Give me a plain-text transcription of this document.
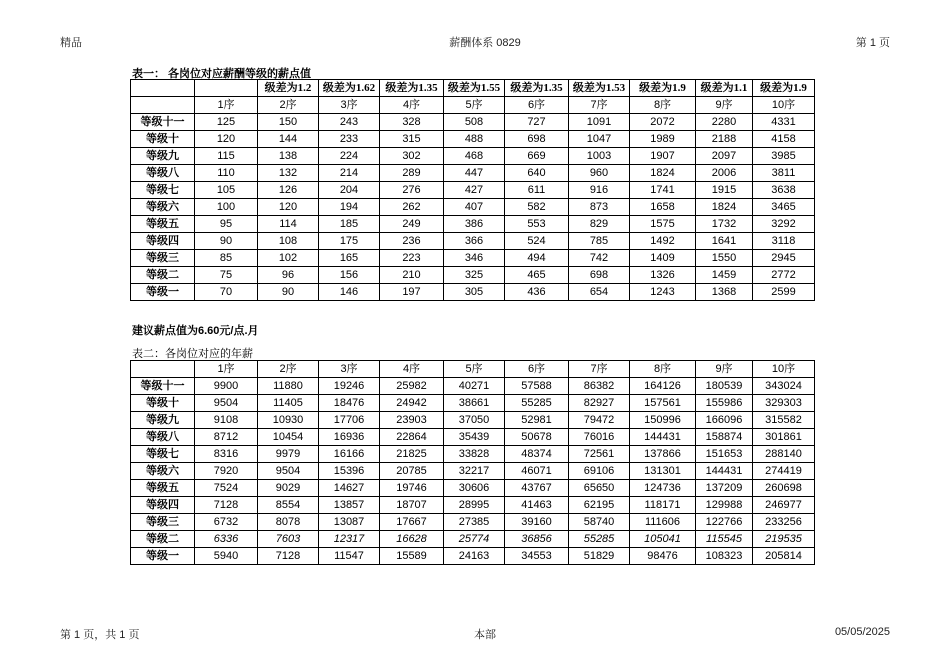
精品	薪酬体系 0829	第 1 页
表一： 各岗位对应薪酬等级的薪点值
		级差为1.2	级差为1.62	级差为1.35	级差为1.55	级差为1.35	级差为1.53	级差为1.9	级差为1.1	级差为1.9
	1序	2序	3序	4序	5序	6序	7序	8序	9序	10序
等级十一	125	150	243	328	508	727	1091	2072	2280	4331
等级十	120	144	233	315	488	698	1047	1989	2188	4158
等级九	115	138	224	302	468	669	1003	1907	2097	3985
等级八	110	132	214	289	447	640	960	1824	2006	3811
等级七	105	126	204	276	427	611	916	1741	1915	3638
等级六	100	120	194	262	407	582	873	1658	1824	3465
等级五	95	114	185	249	386	553	829	1575	1732	3292
等级四	90	108	175	236	366	524	785	1492	1641	3118
等级三	85	102	165	223	346	494	742	1409	1550	2945
等级二	75	96	156	210	325	465	698	1326	1459	2772
等级一	70	90	146	197	305	436	654	1243	1368	2599
建议薪点值为6.60元/点.月
表二：各岗位对应的年薪
	1序	2序	3序	4序	5序	6序	7序	8序	9序	10序
等级十一	9900	11880	19246	25982	40271	57588	86382	164126	180539	343024
等级十	9504	11405	18476	24942	38661	55285	82927	157561	155986	329303
等级九	9108	10930	17706	23903	37050	52981	79472	150996	166096	315582
等级八	8712	10454	16936	22864	35439	50678	76016	144431	158874	301861
等级七	8316	9979	16166	21825	33828	48374	72561	137866	151653	288140
等级六	7920	9504	15396	20785	32217	46071	69106	131301	144431	274419
等级五	7524	9029	14627	19746	30606	43767	65650	124736	137209	260698
等级四	7128	8554	13857	18707	28995	41463	62195	118171	129988	246977
等级三	6732	8078	13087	17667	27385	39160	58740	111606	122766	233256
等级二	6336	7603	12317	16628	25774	36856	55285	105041	115545	219535
等级一	5940	7128	11547	15589	24163	34553	51829	98476	108323	205814
第 1 页，共 1 页	本部	05/05/2025
